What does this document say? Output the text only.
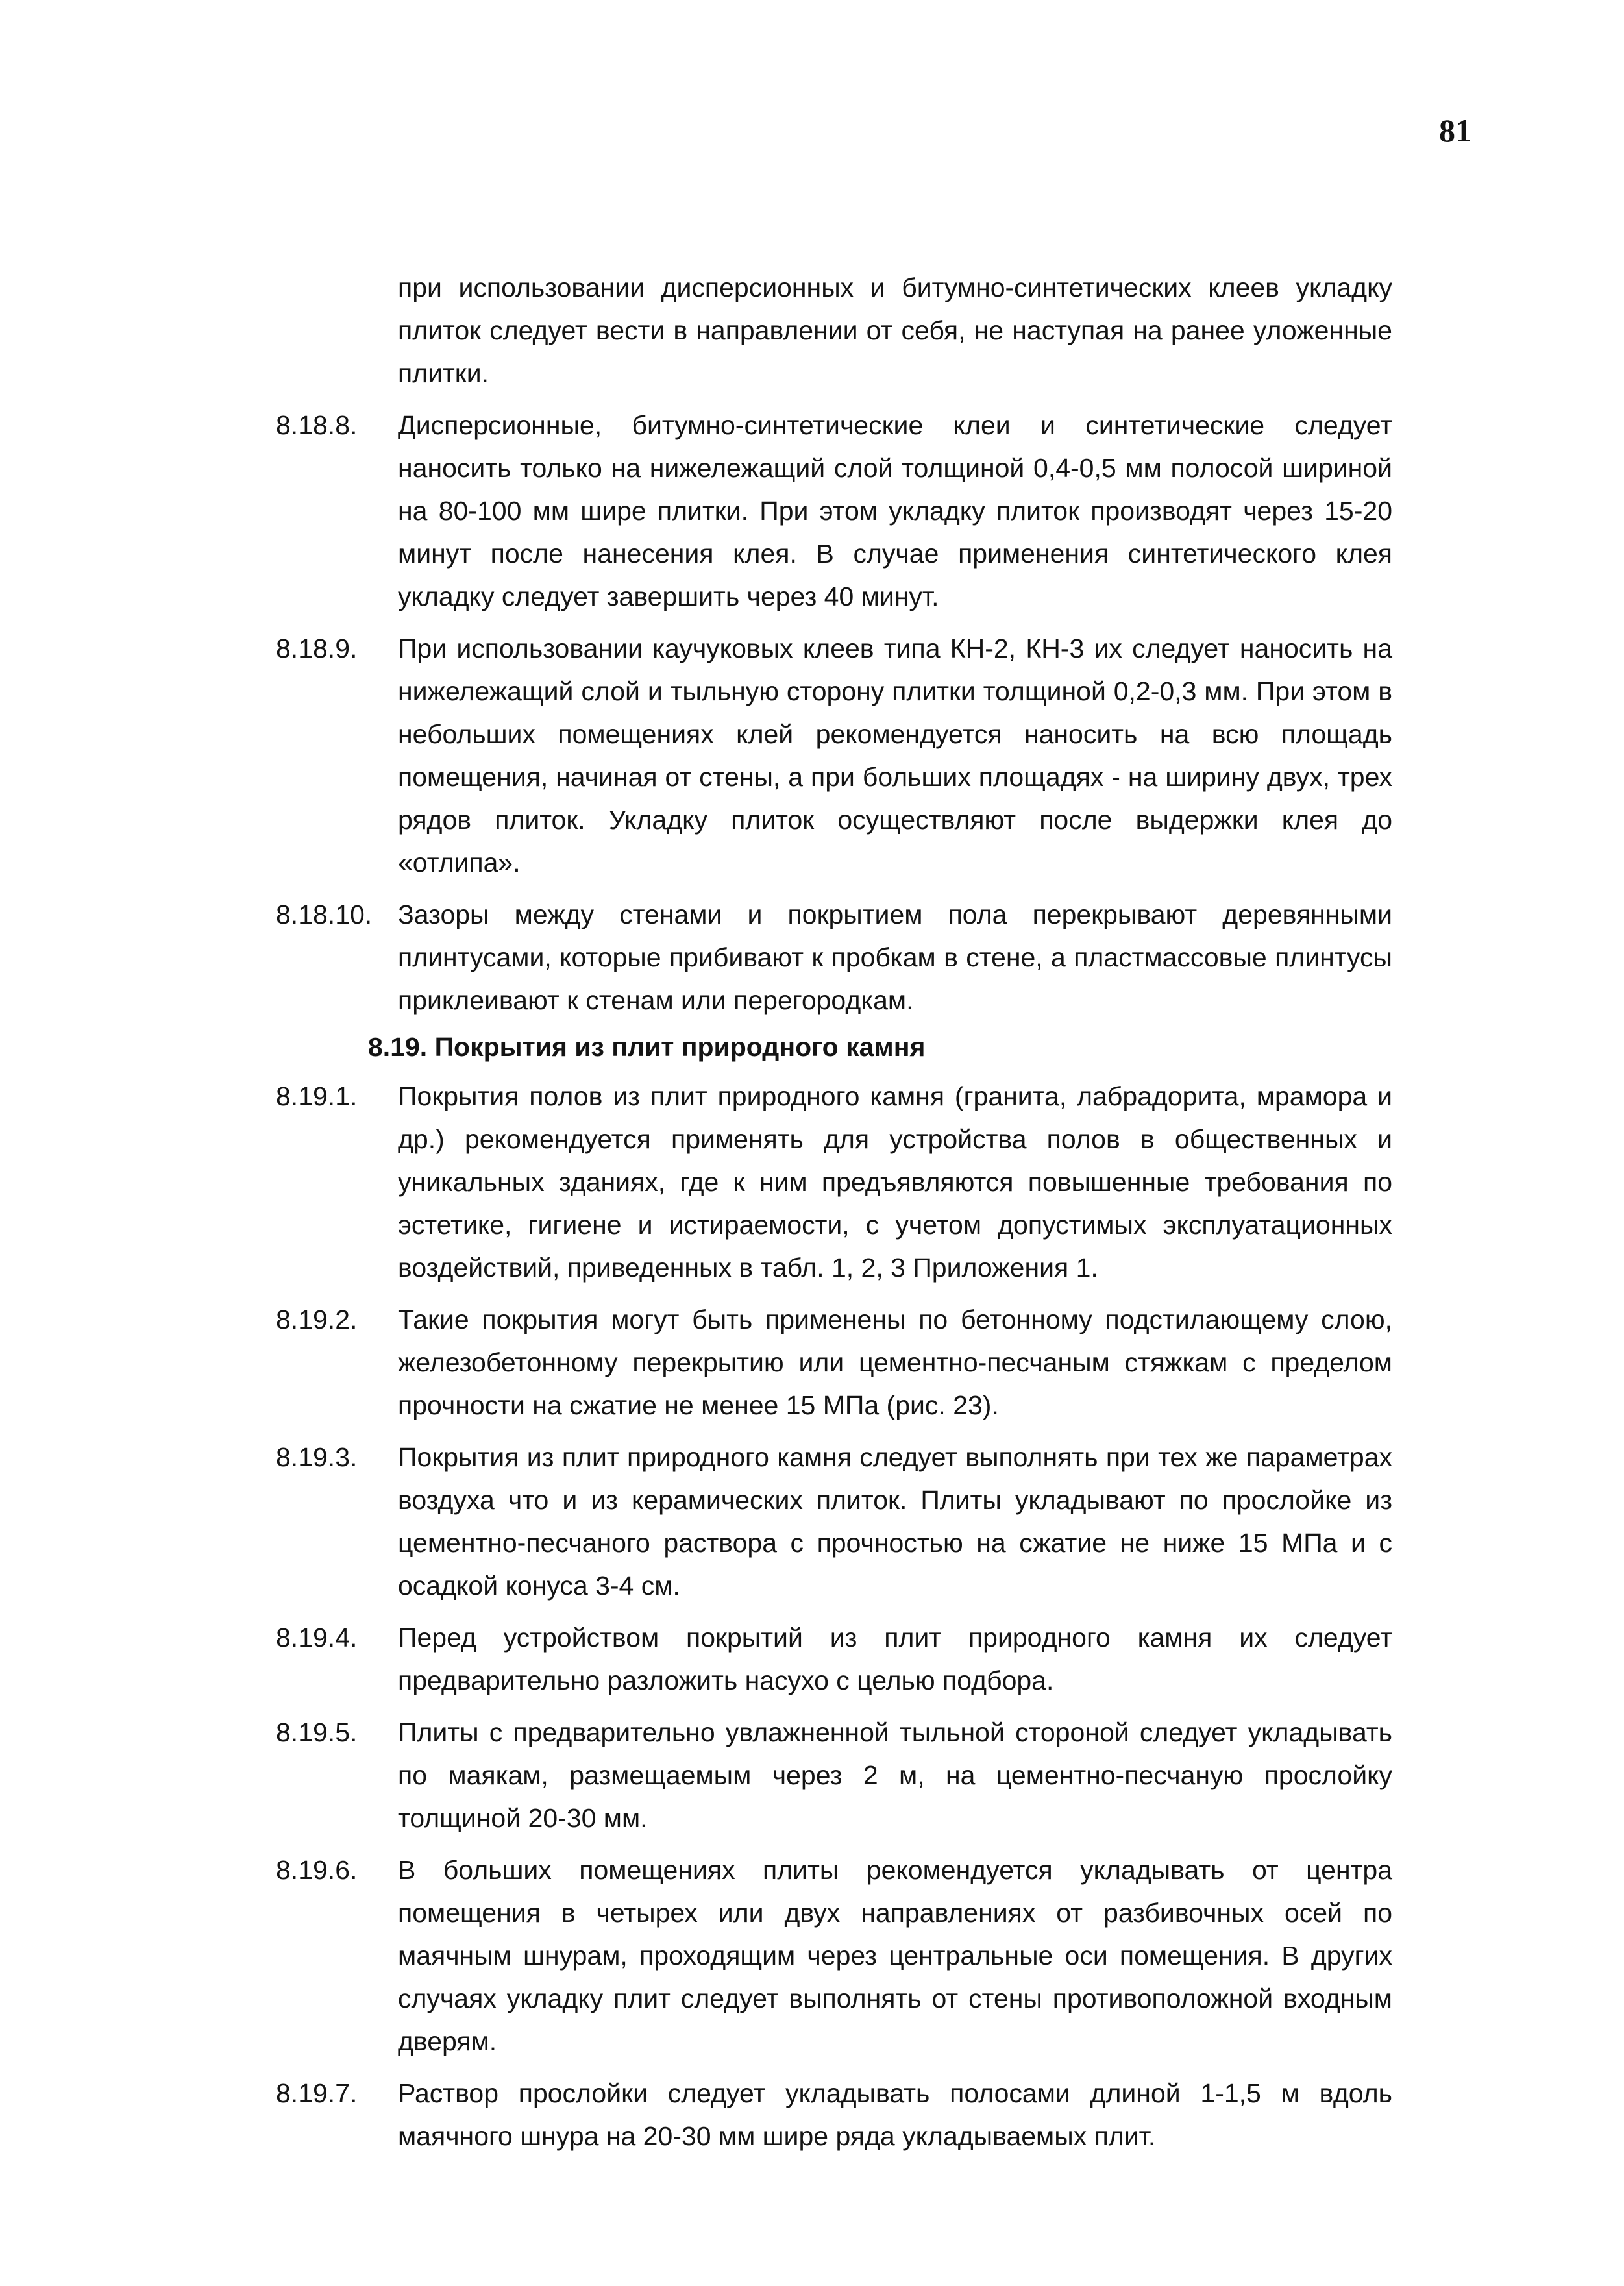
81

при использовании дисперсионных и битумно-синтетических клеев укладку плиток следует вести в направлении от себя, не наступая на ранее уложенные плитки.

8.18.8.	Дисперсионные, битумно-синтетические клеи и синтетические следует наносить только на нижележащий слой толщиной 0,4-0,5 мм полосой шириной на 80-100 мм шире плитки. При этом укладку плиток производят через 15-20 минут после нанесения клея. В случае применения синтетического клея укладку следует завершить через 40 минут.
8.18.9.	При использовании каучуковых клеев типа КН-2, КН-3 их следует наносить на нижележащий слой и тыльную сторону плитки толщиной 0,2-0,3 мм. При этом в небольших помещениях клей рекомендуется наносить на всю площадь помещения, начиная от стены, а при больших площадях - на ширину двух, трех рядов плиток. Укладку плиток осуществляют после выдержки клея до «отлипа».
8.18.10. Зазоры между стенами и покрытием пола перекрывают деревянными плинтусами, которые прибивают к пробкам в стене, а пластмассовые плинтусы приклеивают к стенам или перегородкам.
8.19. Покрытия из плит природного камня
8.19.1.	Покрытия полов из плит природного камня (гранита, лабрадорита, мрамора и др.) рекомендуется применять для устройства полов в общественных и уникальных зданиях, где к ним предъявляются повышенные требования по эстетике, гигиене и истираемости, с учетом допустимых эксплуатационных воздействий, приведенных в табл. 1, 2, 3 Приложения 1.
8.19.2.	Такие покрытия могут быть применены по бетонному подстилающему слою, железобетонному перекрытию или цементно-песчаным стяжкам с пределом прочности на сжатие не менее 15 МПа (рис. 23).
8.19.3.	Покрытия из плит природного камня следует выполнять при тех же параметрах воздуха что и из керамических плиток. Плиты укладывают по прослойке из цементно-песчаного раствора с прочностью на сжатие не ниже 15 МПа и с осадкой конуса 3-4 см.
8.19.4.	Перед устройством покрытий из плит природного камня их следует предварительно разложить насухо с целью подбора.
8.19.5.	Плиты с предварительно увлажненной тыльной стороной следует укладывать по маякам, размещаемым через 2 м, на цементно-песчаную прослойку толщиной 20-30 мм.
8.19.6.	В больших помещениях плиты рекомендуется укладывать от центра помещения в четырех или двух направлениях от разбивочных осей по маячным шнурам, проходящим через центральные оси помещения. В других случаях укладку плит следует выполнять от стены противоположной входным дверям.
8.19.7.	Раствор прослойки следует укладывать полосами длиной 1-1,5 м вдоль маячного шнура на 20-30 мм шире ряда укладываемых плит.
